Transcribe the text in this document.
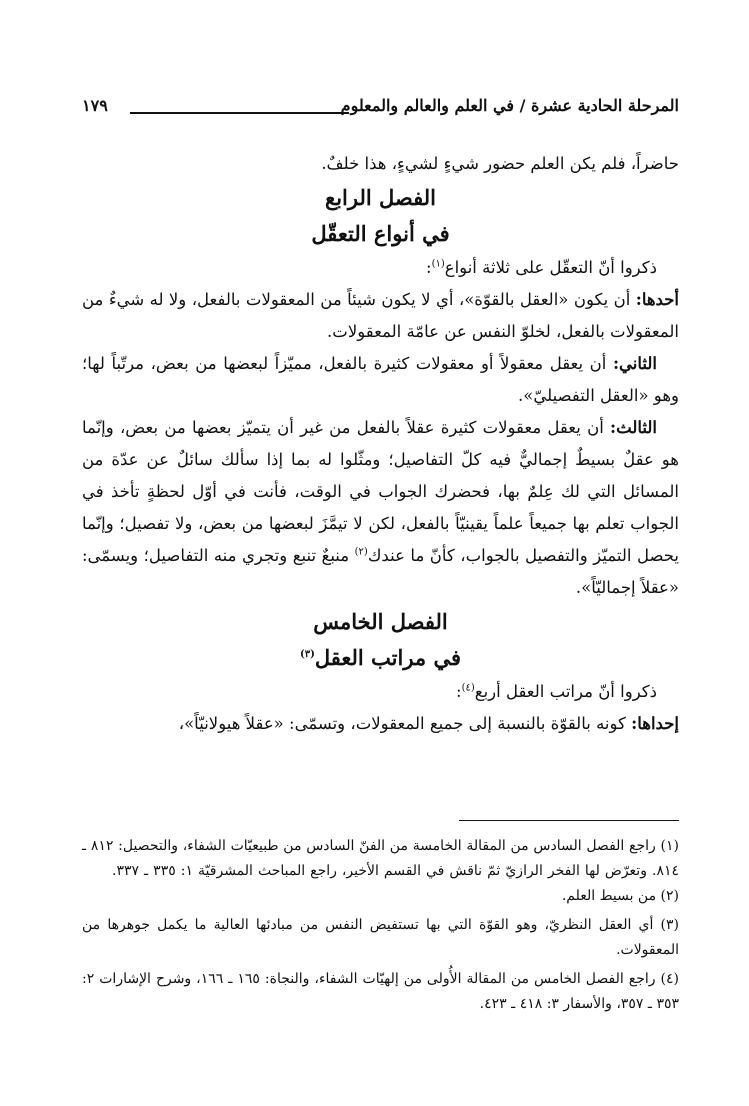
المرحلة الحادية عشرة / في العلم والعالم والمعلوم
١٧٩

حاضراً، فلم يكن العلم حضور شيءٍ لشيءٍ، هذا خلفٌ.

الفصل الرابع

في أنواع التعقّل

ذكروا أنّ التعقّل على ثلاثة أنواع$^{(١)}$:

أحدها: أن يكون «العقل بالقوّة»، أي لا يكون شيئاً من المعقولات بالفعل، ولا له شيءٌ من المعقولات بالفعل، لخلوّ النفس عن عامّة المعقولات.

الثاني: أن يعقل معقولاً أو معقولات كثيرة بالفعل، مميّزاً لبعضها من بعض، مرتّباً لها؛ وهو «العقل التفصيليّ».

الثالث: أن يعقل معقولات كثيرة عقلاً بالفعل من غير أن يتميّز بعضها من بعض، وإنّما هو عقلٌ بسيطٌ إجماليٌّ فيه كلّ التفاصيل؛ ومثّلوا له بما إذا سألك سائلٌ عن عدّة من المسائل التي لك عِلمٌ بها، فحضرك الجواب في الوقت، فأنت في أوّل لحظةٍ تأخذ في الجواب تعلم بها جميعاً علماً يقينيّاً بالفعل، لكن لا تيمَّزَ لبعضها من بعض، ولا تفصيل؛ وإنّما يحصل التميّز والتفصيل بالجواب، كأنّ ما عندك$^{(٢)}$ منبعٌ تنبع وتجري منه التفاصيل؛ ويسمّى: «عقلاً إجماليّاً».

الفصل الخامس

في مراتب العقل$^{(٣)}$

ذكروا أنّ مراتب العقل أربع$^{(٤)}$:

إحداها: كونه بالقوّة بالنسبة إلى جميع المعقولات، وتسمّى: «عقلاً هيولانيّاً»،

(١) راجع الفصل السادس من المقالة الخامسة من الفنّ السادس من طبيعيّات الشفاء، والتحصيل: ٨١٢ ـ ٨١٤. وتعرّض لها الفخر الرازيّ ثمّ ناقش في القسم الأخير، راجع المباحث المشرقيّة ١: ٣٣٥ ـ ٣٣٧.(٢) من بسيط العلم.

(٣) أي العقل النظريّ، وهو القوّة التي بها تستفيض النفس من مبادئها العالية ما يكمل جوهرها من المعقولات.

(٤) راجع الفصل الخامس من المقالة الأُولى من إلهيّات الشفاء، والنجاة: ١٦٥ ـ ١٦٦، وشرح الإشارات ٢: ٣٥٣ ـ ٣٥٧، والأسفار ٣: ٤١٨ ـ ٤٢٣.
